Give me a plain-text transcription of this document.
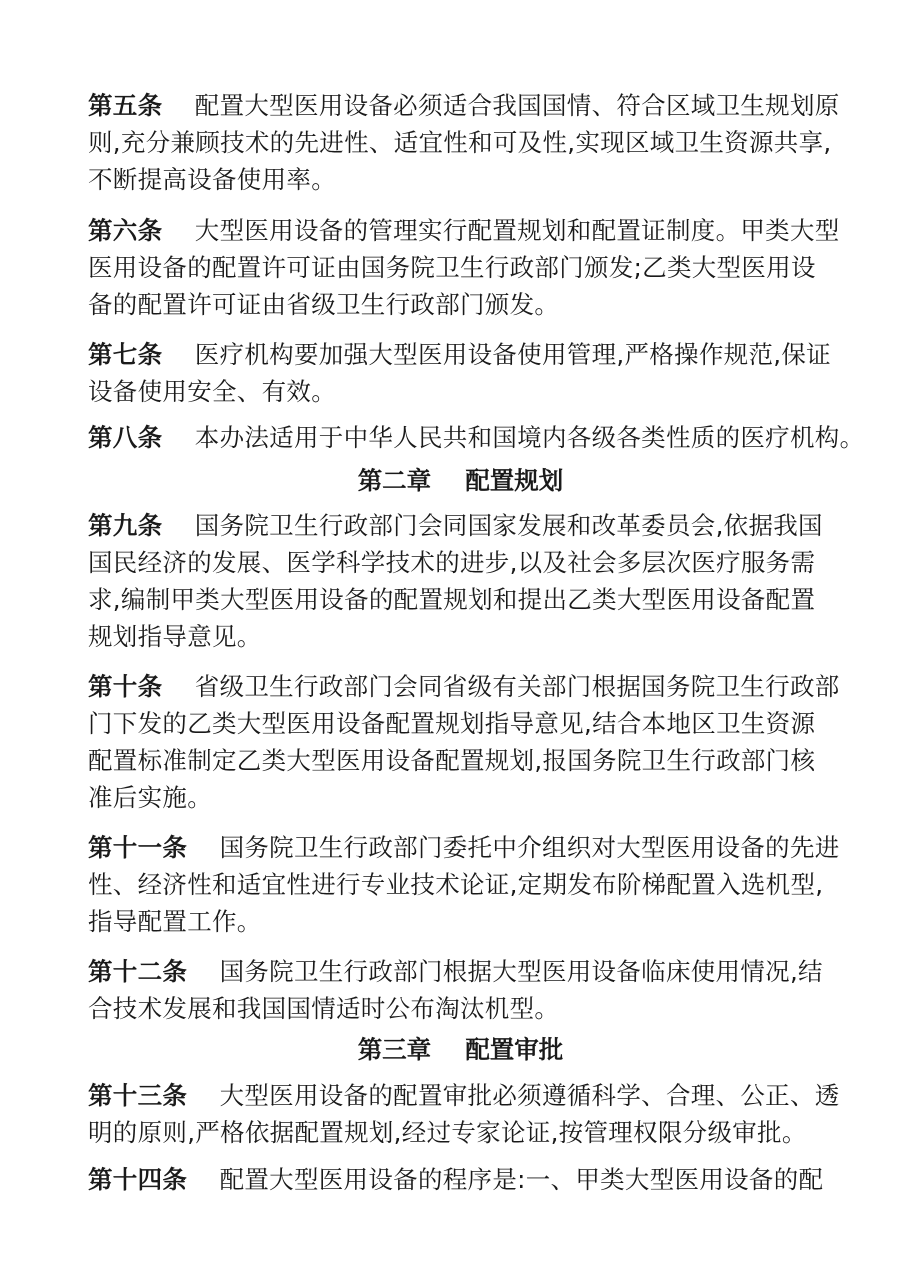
第五条 配置大型医用设备必须适合我国国情、符合区域卫生规划原
则,充分兼顾技术的先进性、适宜性和可及性,实现区域卫生资源共享,
不断提高设备使用率。
第六条 大型医用设备的管理实行配置规划和配置证制度。甲类大型
医用设备的配置许可证由国务院卫生行政部门颁发;乙类大型医用设
备的配置许可证由省级卫生行政部门颁发。
第七条 医疗机构要加强大型医用设备使用管理,严格操作规范,保证
设备使用安全、有效。
第八条 本办法适用于中华人民共和国境内各级各类性质的医疗机构。
第二章 配置规划
第九条 国务院卫生行政部门会同国家发展和改革委员会,依据我国
国民经济的发展、医学科学技术的进步,以及社会多层次医疗服务需
求,编制甲类大型医用设备的配置规划和提出乙类大型医用设备配置
规划指导意见。
第十条 省级卫生行政部门会同省级有关部门根据国务院卫生行政部
门下发的乙类大型医用设备配置规划指导意见,结合本地区卫生资源
配置标准制定乙类大型医用设备配置规划,报国务院卫生行政部门核
准后实施。
第十一条 国务院卫生行政部门委托中介组织对大型医用设备的先进
性、经济性和适宜性进行专业技术论证,定期发布阶梯配置入选机型,
指导配置工作。
第十二条 国务院卫生行政部门根据大型医用设备临床使用情况,结
合技术发展和我国国情适时公布淘汰机型。
第三章 配置审批
第十三条 大型医用设备的配置审批必须遵循科学、合理、公正、透
明的原则,严格依据配置规划,经过专家论证,按管理权限分级审批。
第十四条 配置大型医用设备的程序是:一、甲类大型医用设备的配
